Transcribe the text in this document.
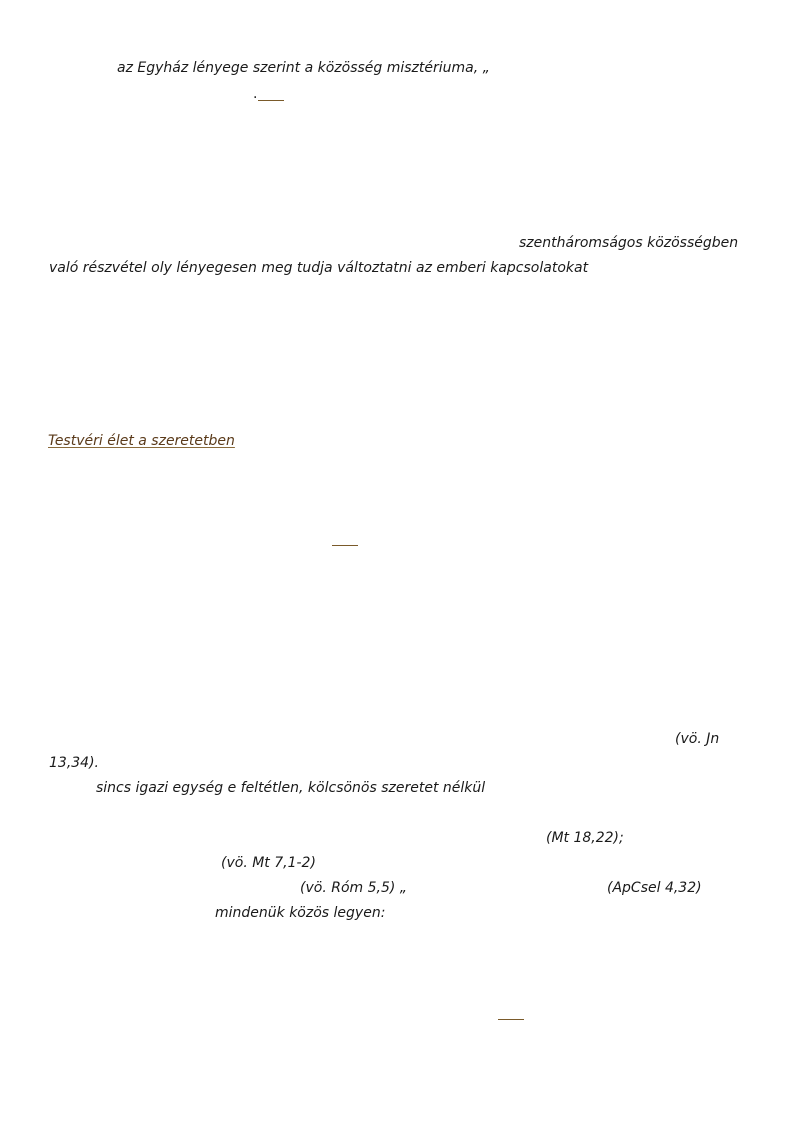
az Egyház lényege szerint a közösség misztériuma, „
.
szentháromságos közösségben
való részvétel oly lényegesen meg tudja változtatni az emberi kapcsolatokat
Testvéri élet a szeretetben
(vö. Jn
13,34).
sincs igazi egység e feltétlen, kölcsönös szeretet nélkül
(Mt 18,22);
(vö. Mt 7,1-2)
(vö. Róm 5,5) „	(ApCsel 4,32)
mindenük közös legyen:
